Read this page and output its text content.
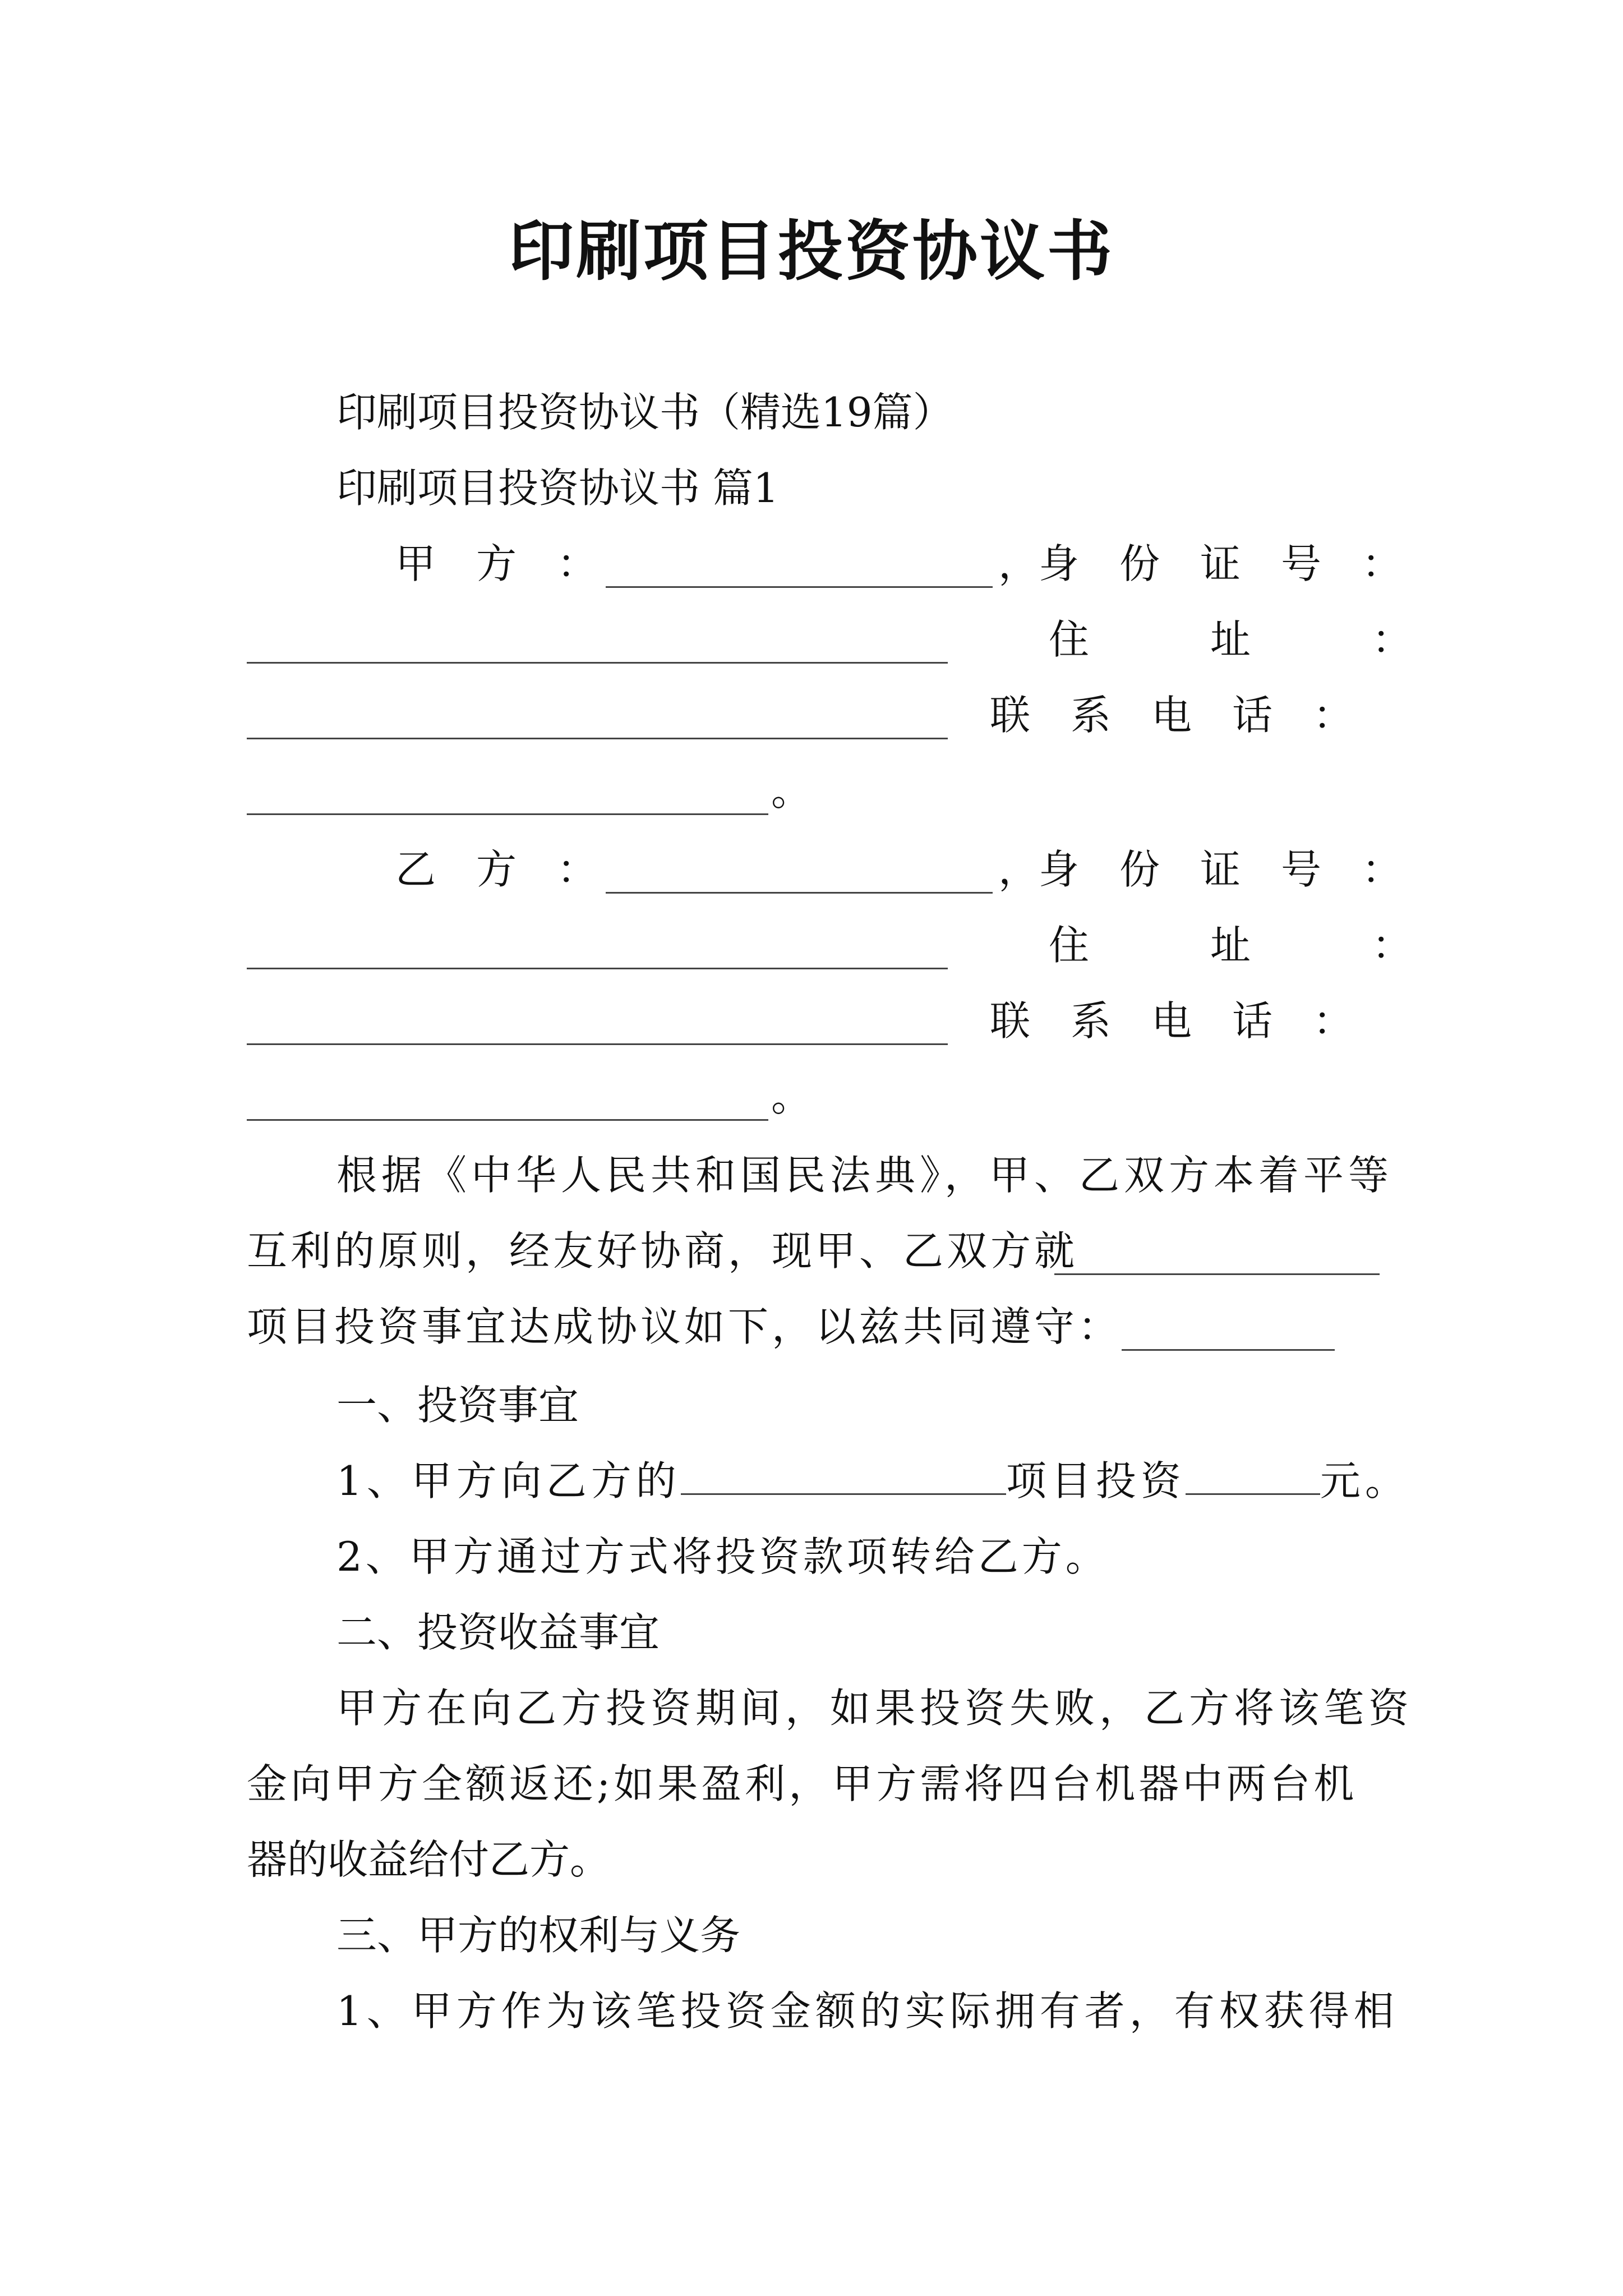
印刷项目投资协议书
印刷项目投资协议书（精选19篇）
印刷项目投资协议书 篇1
甲　方　：	，身　份　证　号　：
住　　　址　　　：
联　系　电　话　：
。
乙　方　：	，身　份　证　号　：
住　　　址　　　：
联　系　电　话　：
。
根据《中华人民共和国民法典》，甲、乙双方本着平等
互利的原则，经友好协商，现甲、乙双方就
项目投资事宜达成协议如下，以兹共同遵守：
一、投资事宜
1、甲方向乙方的	项目投资	元。
2、甲方通过方式将投资款项转给乙方。
二、投资收益事宜
甲方在向乙方投资期间，如果投资失败，乙方将该笔资
金向甲方全额返还;如果盈利，甲方需将四台机器中两台机
器的收益给付乙方。
三、甲方的权利与义务
1、甲方作为该笔投资金额的实际拥有者，有权获得相
